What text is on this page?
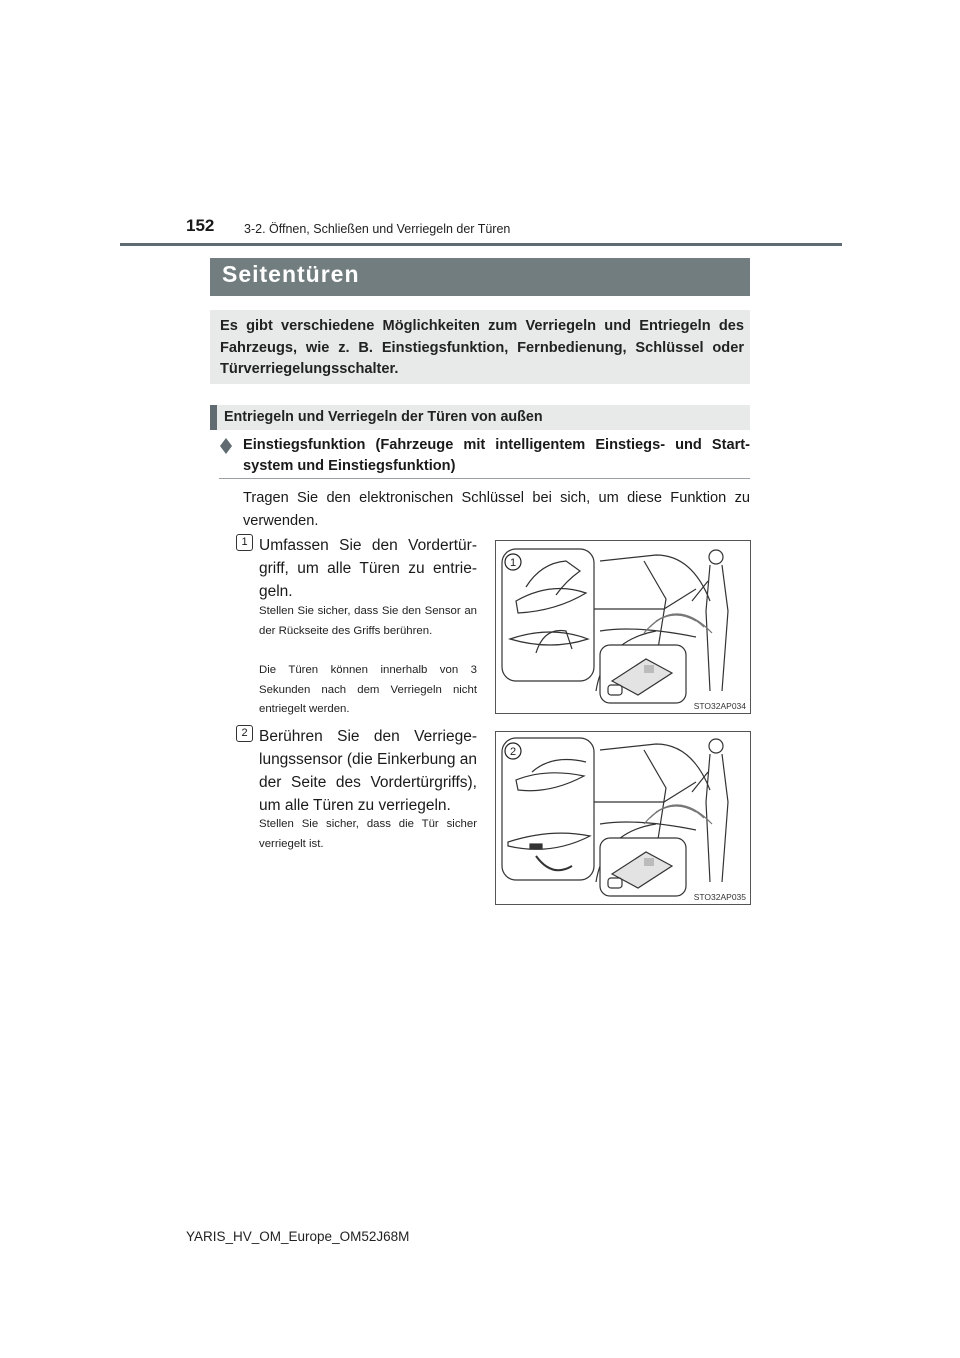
152 3-2. Öffnen, Schließen und Verriegeln der Türen
Seitentüren

Es gibt verschiedene Möglichkeiten zum Verriegeln und Entriegeln des Fahrzeugs, wie z. B. Einstiegsfunktion, Fernbedienung, Schlüssel oder Türverriegelungsschalter.

Entriegeln und Verriegeln der Türen von außen

Einstiegsfunktion (Fahrzeuge mit intelligentem Einstiegs- und Start-system und Einstiegsfunktion)

Tragen Sie den elektronischen Schlüssel bei sich, um diese Funktion zu verwenden.

1 Umfassen Sie den Vordertür-griff, um alle Türen zu entrie-geln.

Stellen Sie sicher, dass Sie den Sensor an der Rückseite des Griffs berühren.

Die Türen können innerhalb von 3 Sekunden nach dem Verriegeln nicht entriegelt werden.

1
STO32AP034
2 Berühren Sie den Verriege-lungssensor (die Einkerbung an der Seite des Vordertürgriffs), um alle Türen zu verriegeln.

Stellen Sie sicher, dass die Tür sicher verriegelt ist.

2
STO32AP035
YARIS_HV_OM_Europe_OM52J68M
